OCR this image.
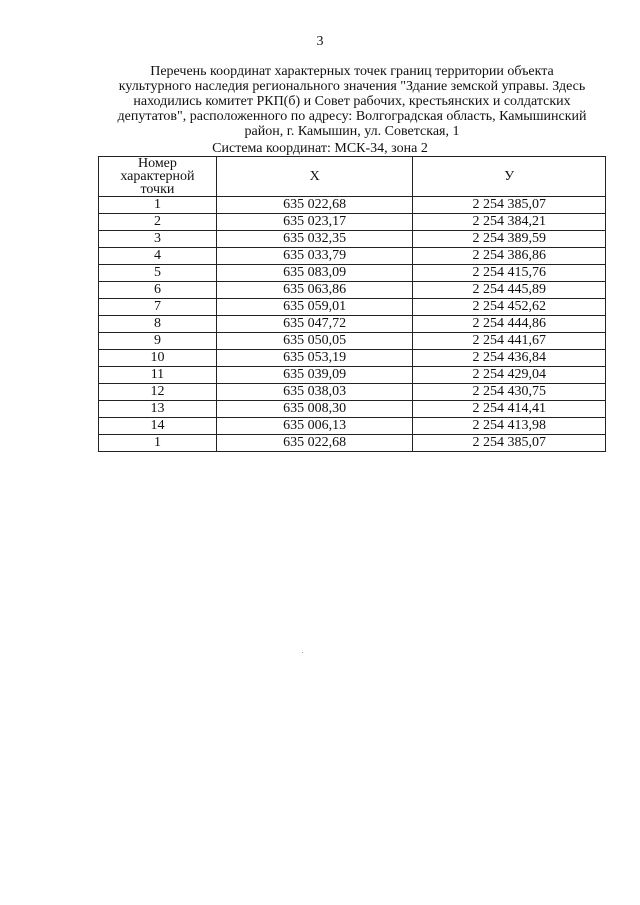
3
Перечень координат характерных точек границ территории объекта
культурного наследия регионального значения "Здание земской управы. Здесь
находились комитет РКП(б) и Совет рабочих, крестьянских и солдатских
депутатов", расположенного по адресу: Волгоградская область, Камышинский
район, г. Камышин, ул. Советская, 1
Система координат: МСК-34, зона 2
Номер
характерной
точки	X	У
1	635 022,68	2 254 385,07
2	635 023,17	2 254 384,21
3	635 032,35	2 254 389,59
4	635 033,79	2 254 386,86
5	635 083,09	2 254 415,76
6	635 063,86	2 254 445,89
7	635 059,01	2 254 452,62
8	635 047,72	2 254 444,86
9	635 050,05	2 254 441,67
10	635 053,19	2 254 436,84
11	635 039,09	2 254 429,04
12	635 038,03	2 254 430,75
13	635 008,30	2 254 414,41
14	635 006,13	2 254 413,98
1	635 022,68	2 254 385,07
